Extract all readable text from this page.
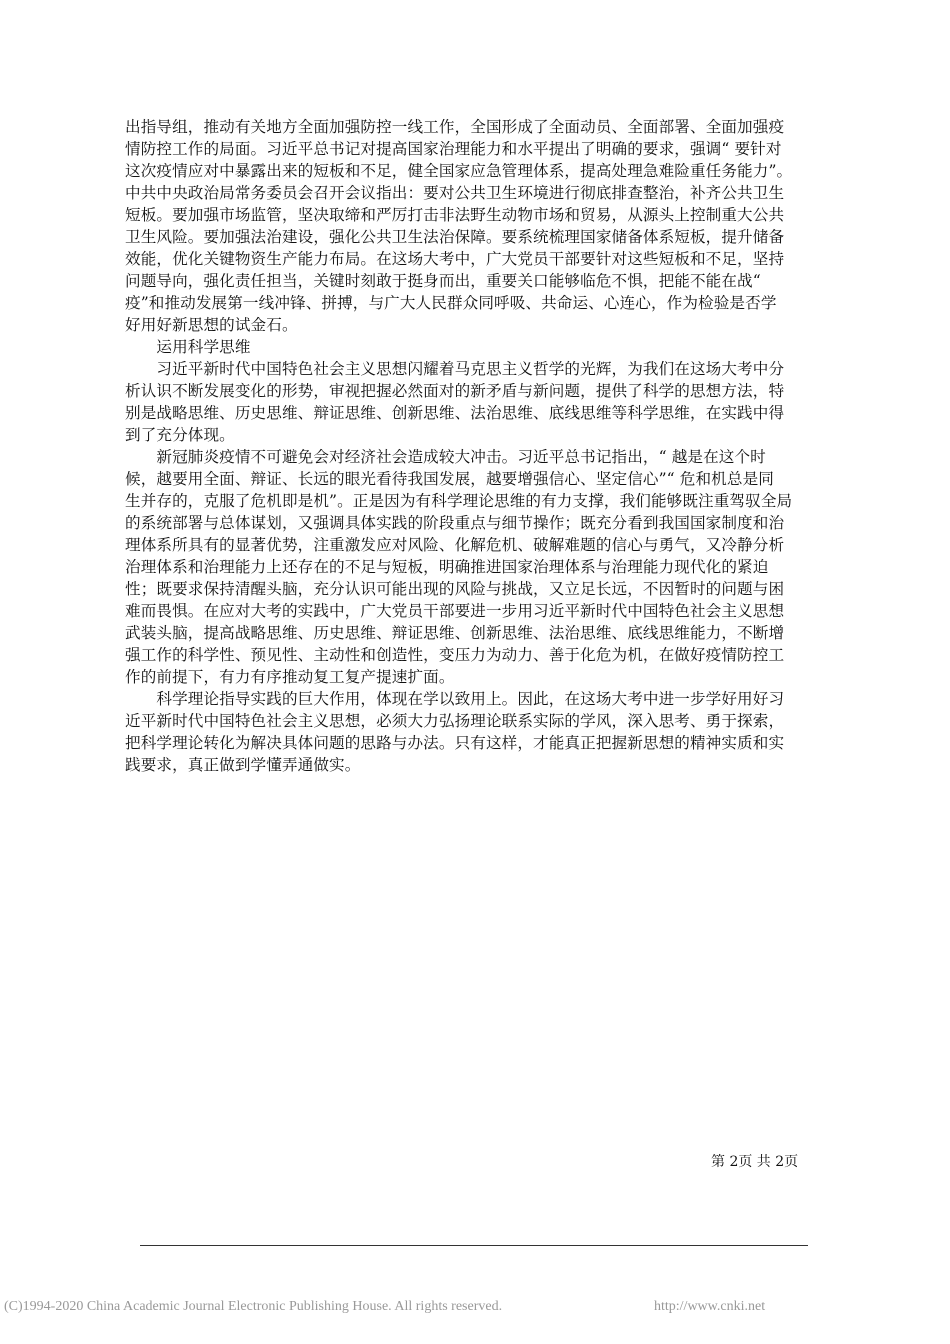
出指导组，推动有关地方全面加强防控一线工作，全国形成了全面动员、全面部署、全面加强疫
情防控工作的局面。习近平总书记对提高国家治理能力和水平提出了明确的要求，强调“ 要针对
这次疫情应对中暴露出来的短板和不足，健全国家应急管理体系，提高处理急难险重任务能力”。
中共中央政治局常务委员会召开会议指出：要对公共卫生环境进行彻底排查整治，补齐公共卫生
短板。要加强市场监管，坚决取缔和严厉打击非法野生动物市场和贸易，从源头上控制重大公共
卫生风险。要加强法治建设，强化公共卫生法治保障。要系统梳理国家储备体系短板，提升储备
效能，优化关键物资生产能力布局。在这场大考中，广大党员干部要针对这些短板和不足，坚持
问题导向，强化责任担当，关键时刻敢于挺身而出，重要关口能够临危不惧，把能不能在战“
疫”和推动发展第一线冲锋、拼搏，与广大人民群众同呼吸、共命运、心连心，作为检验是否学
好用好新思想的试金石。
　　运用科学思维
　　习近平新时代中国特色社会主义思想闪耀着马克思主义哲学的光辉，为我们在这场大考中分
析认识不断发展变化的形势，审视把握必然面对的新矛盾与新问题，提供了科学的思想方法，特
别是战略思维、历史思维、辩证思维、创新思维、法治思维、底线思维等科学思维，在实践中得
到了充分体现。
　　新冠肺炎疫情不可避免会对经济社会造成较大冲击。习近平总书记指出，“ 越是在这个时
候，越要用全面、辩证、长远的眼光看待我国发展，越要增强信心、坚定信心”“ 危和机总是同
生并存的，克服了危机即是机”。正是因为有科学理论思维的有力支撑，我们能够既注重驾驭全局
的系统部署与总体谋划，又强调具体实践的阶段重点与细节操作；既充分看到我国国家制度和治
理体系所具有的显著优势，注重激发应对风险、化解危机、破解难题的信心与勇气，又冷静分析
治理体系和治理能力上还存在的不足与短板，明确推进国家治理体系与治理能力现代化的紧迫
性；既要求保持清醒头脑，充分认识可能出现的风险与挑战，又立足长远，不因暂时的问题与困
难而畏惧。在应对大考的实践中，广大党员干部要进一步用习近平新时代中国特色社会主义思想
武装头脑，提高战略思维、历史思维、辩证思维、创新思维、法治思维、底线思维能力，不断增
强工作的科学性、预见性、主动性和创造性，变压力为动力、善于化危为机，在做好疫情防控工
作的前提下，有力有序推动复工复产提速扩面。
　　科学理论指导实践的巨大作用，体现在学以致用上。因此，在这场大考中进一步学好用好习
近平新时代中国特色社会主义思想，必须大力弘扬理论联系实际的学风，深入思考、勇于探索，
把科学理论转化为解决具体问题的思路与办法。只有这样，才能真正把握新思想的精神实质和实
践要求，真正做到学懂弄通做实。
第 2页 共 2页
(C)1994-2020 China Academic Journal Electronic Publishing House. All rights reserved.	http://www.cnki.net
